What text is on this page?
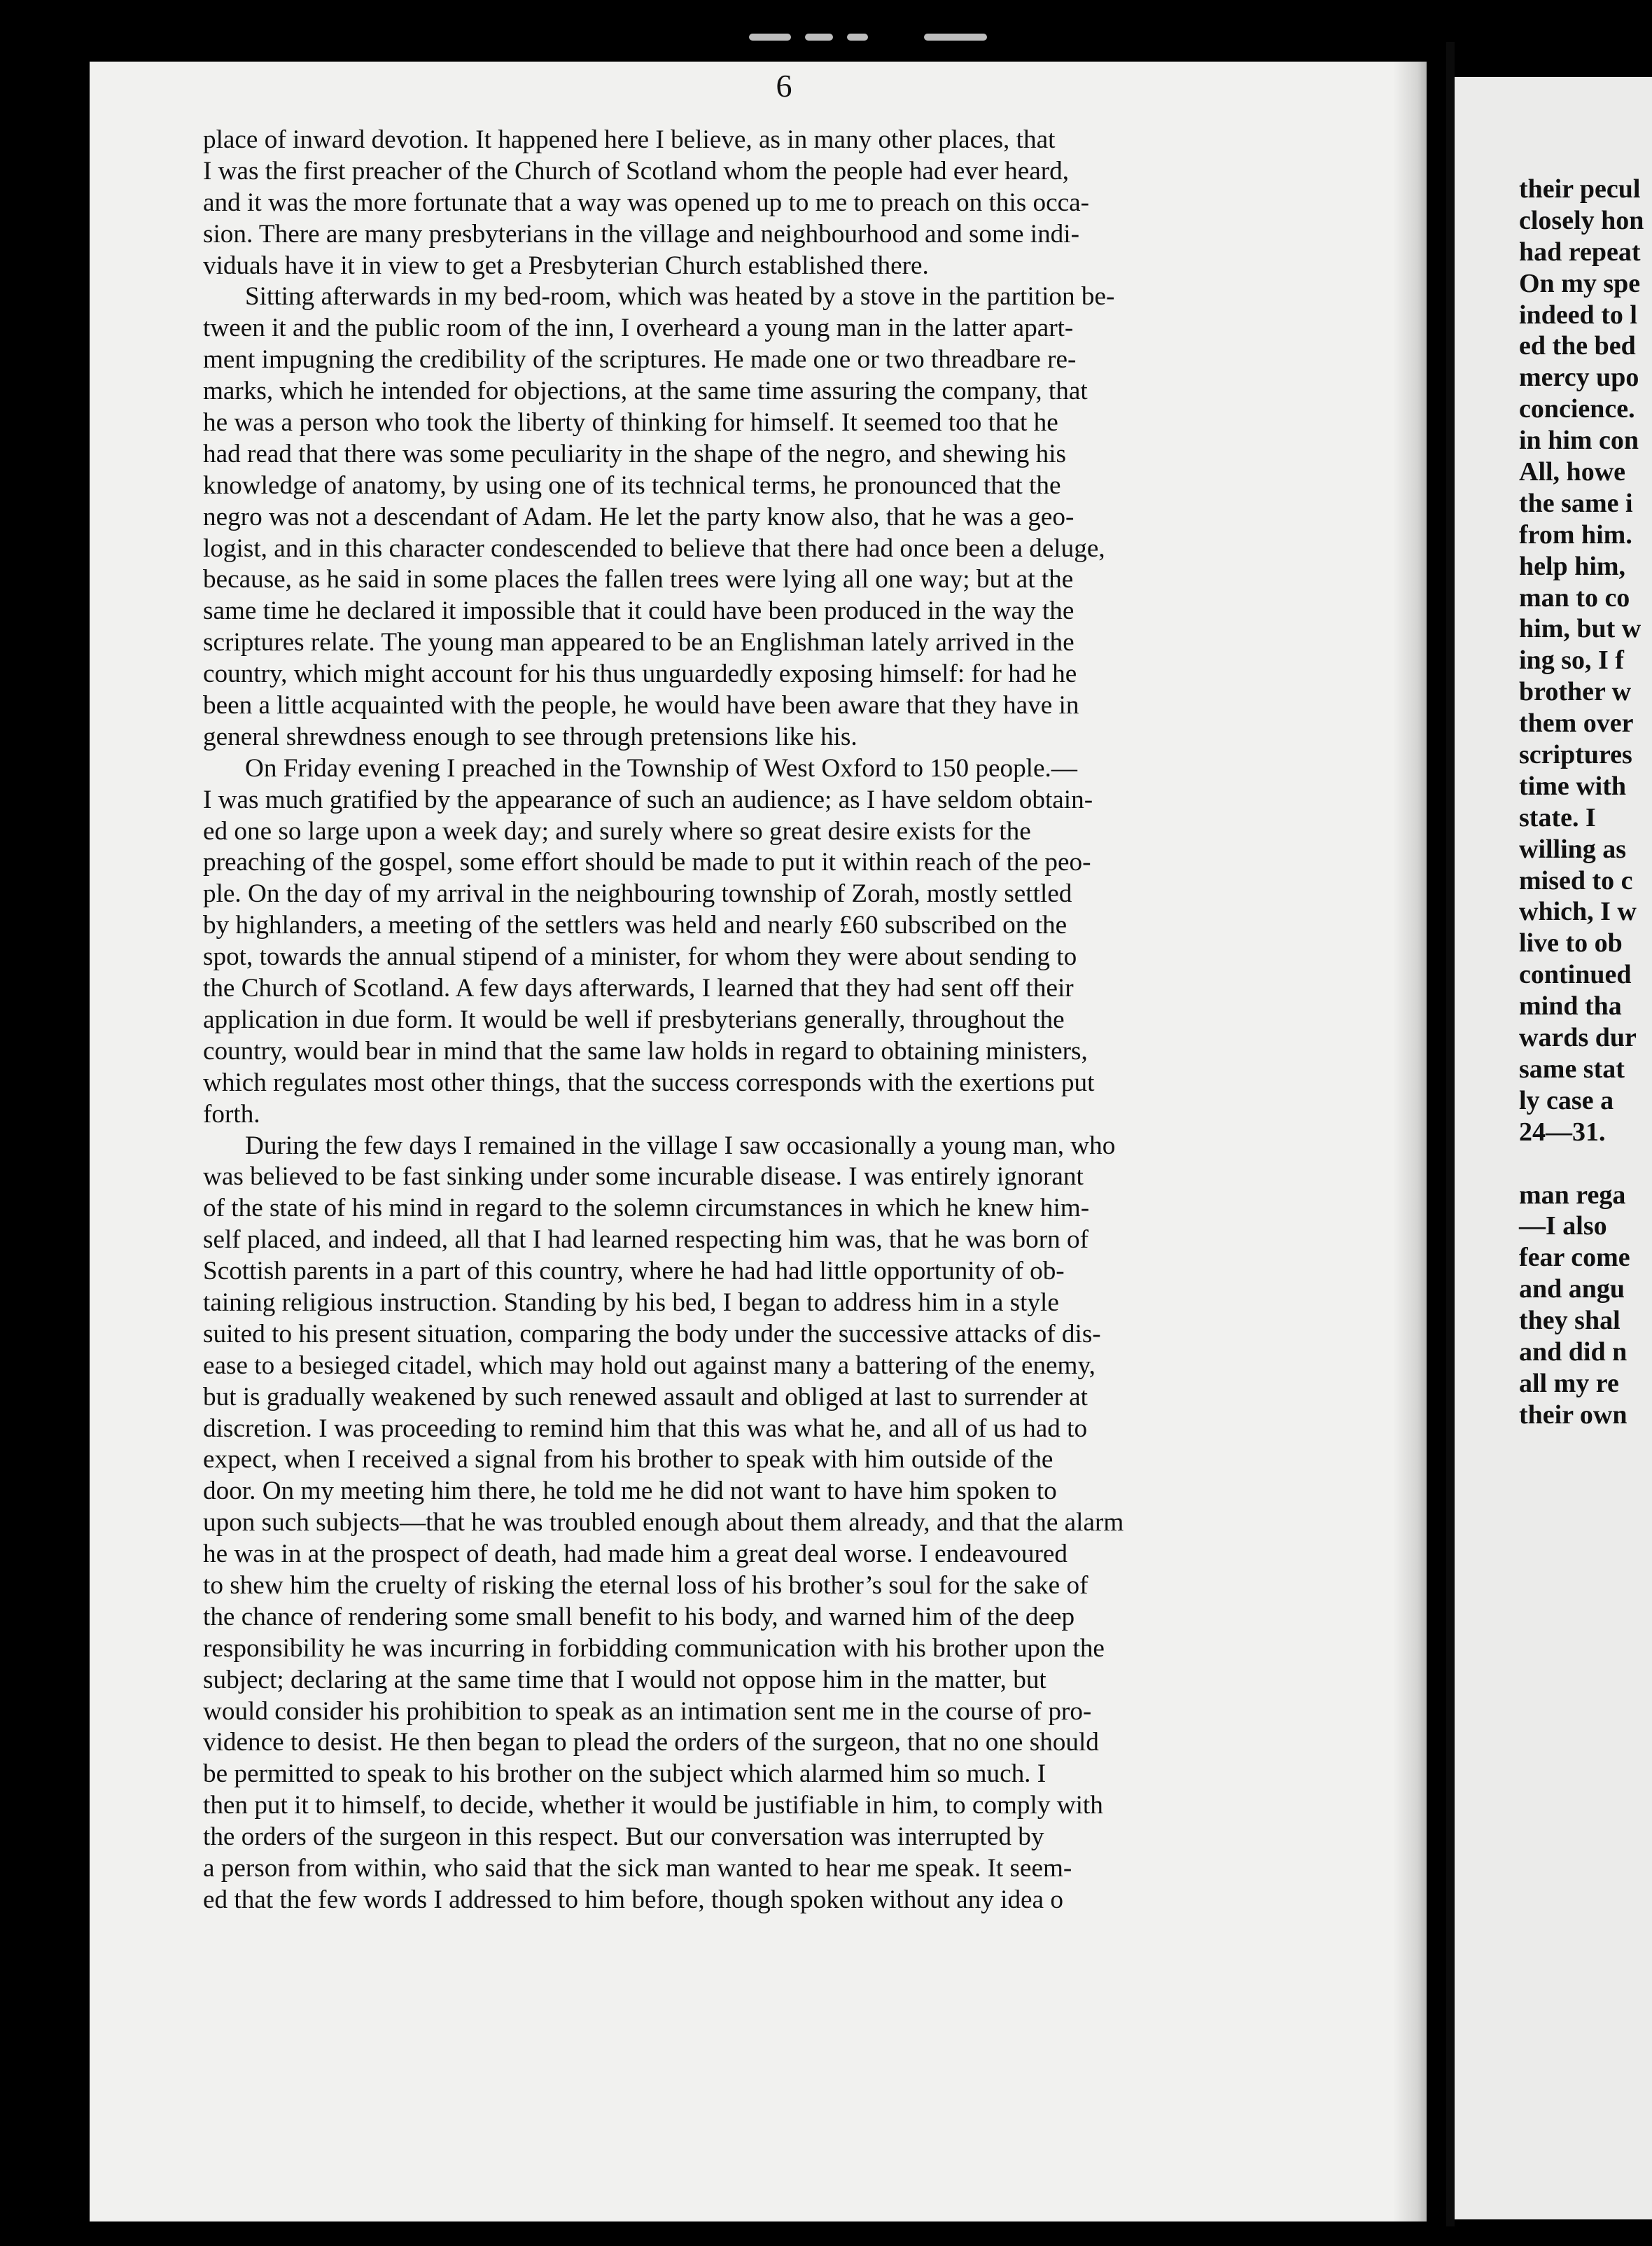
6
place of inward devotion. It happened here I believe, as in many other places, that
I was the first preacher of the Church of Scotland whom the people had ever heard,
and it was the more fortunate that a way was opened up to me to preach on this occa-
sion. There are many presbyterians in the village and neighbourhood and some indi-
viduals have it in view to get a Presbyterian Church established there.
Sitting afterwards in my bed-room, which was heated by a stove in the partition be-
tween it and the public room of the inn, I overheard a young man in the latter apart-
ment impugning the credibility of the scriptures. He made one or two threadbare re-
marks, which he intended for objections, at the same time assuring the company, that
he was a person who took the liberty of thinking for himself. It seemed too that he
had read that there was some peculiarity in the shape of the negro, and shewing his
knowledge of anatomy, by using one of its technical terms, he pronounced that the
negro was not a descendant of Adam. He let the party know also, that he was a geo-
logist, and in this character condescended to believe that there had once been a deluge,
because, as he said in some places the fallen trees were lying all one way; but at the
same time he declared it impossible that it could have been produced in the way the
scriptures relate. The young man appeared to be an Englishman lately arrived in the
country, which might account for his thus unguardedly exposing himself: for had he
been a little acquainted with the people, he would have been aware that they have in
general shrewdness enough to see through pretensions like his.
On Friday evening I preached in the Township of West Oxford to 150 people.—
I was much gratified by the appearance of such an audience; as I have seldom obtain-
ed one so large upon a week day; and surely where so great desire exists for the
preaching of the gospel, some effort should be made to put it within reach of the peo-
ple. On the day of my arrival in the neighbouring township of Zorah, mostly settled
by highlanders, a meeting of the settlers was held and nearly £60 subscribed on the
spot, towards the annual stipend of a minister, for whom they were about sending to
the Church of Scotland. A few days afterwards, I learned that they had sent off their
application in due form. It would be well if presbyterians generally, throughout the
country, would bear in mind that the same law holds in regard to obtaining ministers,
which regulates most other things, that the success corresponds with the exertions put
forth.
During the few days I remained in the village I saw occasionally a young man, who
was believed to be fast sinking under some incurable disease. I was entirely ignorant
of the state of his mind in regard to the solemn circumstances in which he knew him-
self placed, and indeed, all that I had learned respecting him was, that he was born of
Scottish parents in a part of this country, where he had had little opportunity of ob-
taining religious instruction. Standing by his bed, I began to address him in a style
suited to his present situation, comparing the body under the successive attacks of dis-
ease to a besieged citadel, which may hold out against many a battering of the enemy,
but is gradually weakened by such renewed assault and obliged at last to surrender at
discretion. I was proceeding to remind him that this was what he, and all of us had to
expect, when I received a signal from his brother to speak with him outside of the
door. On my meeting him there, he told me he did not want to have him spoken to
upon such subjects—that he was troubled enough about them already, and that the alarm
he was in at the prospect of death, had made him a great deal worse. I endeavoured
to shew him the cruelty of risking the eternal loss of his brother’s soul for the sake of
the chance of rendering some small benefit to his body, and warned him of the deep
responsibility he was incurring in forbidding communication with his brother upon the
subject; declaring at the same time that I would not oppose him in the matter, but
would consider his prohibition to speak as an intimation sent me in the course of pro-
vidence to desist. He then began to plead the orders of the surgeon, that no one should
be permitted to speak to his brother on the subject which alarmed him so much. I
then put it to himself, to decide, whether it would be justifiable in him, to comply with
the orders of the surgeon in this respect. But our conversation was interrupted by
a person from within, who said that the sick man wanted to hear me speak. It seem-
ed that the few words I addressed to him before, though spoken without any idea o
their pecul
closely hon
had repeat
On my spe
indeed to l
ed the bed
mercy upo
concience.
in him con
All, howe
the same i
from him.
help him,
man to co
him, but w
ing so, I f
brother w
them over
scriptures
time with
state. I
willing as
mised to c
which, I w
live to ob
continued
mind tha
wards dur
same stat
ly case a
24—31.
man rega
—I also
fear come
and angu
they shal
and did n
all my re
their own
